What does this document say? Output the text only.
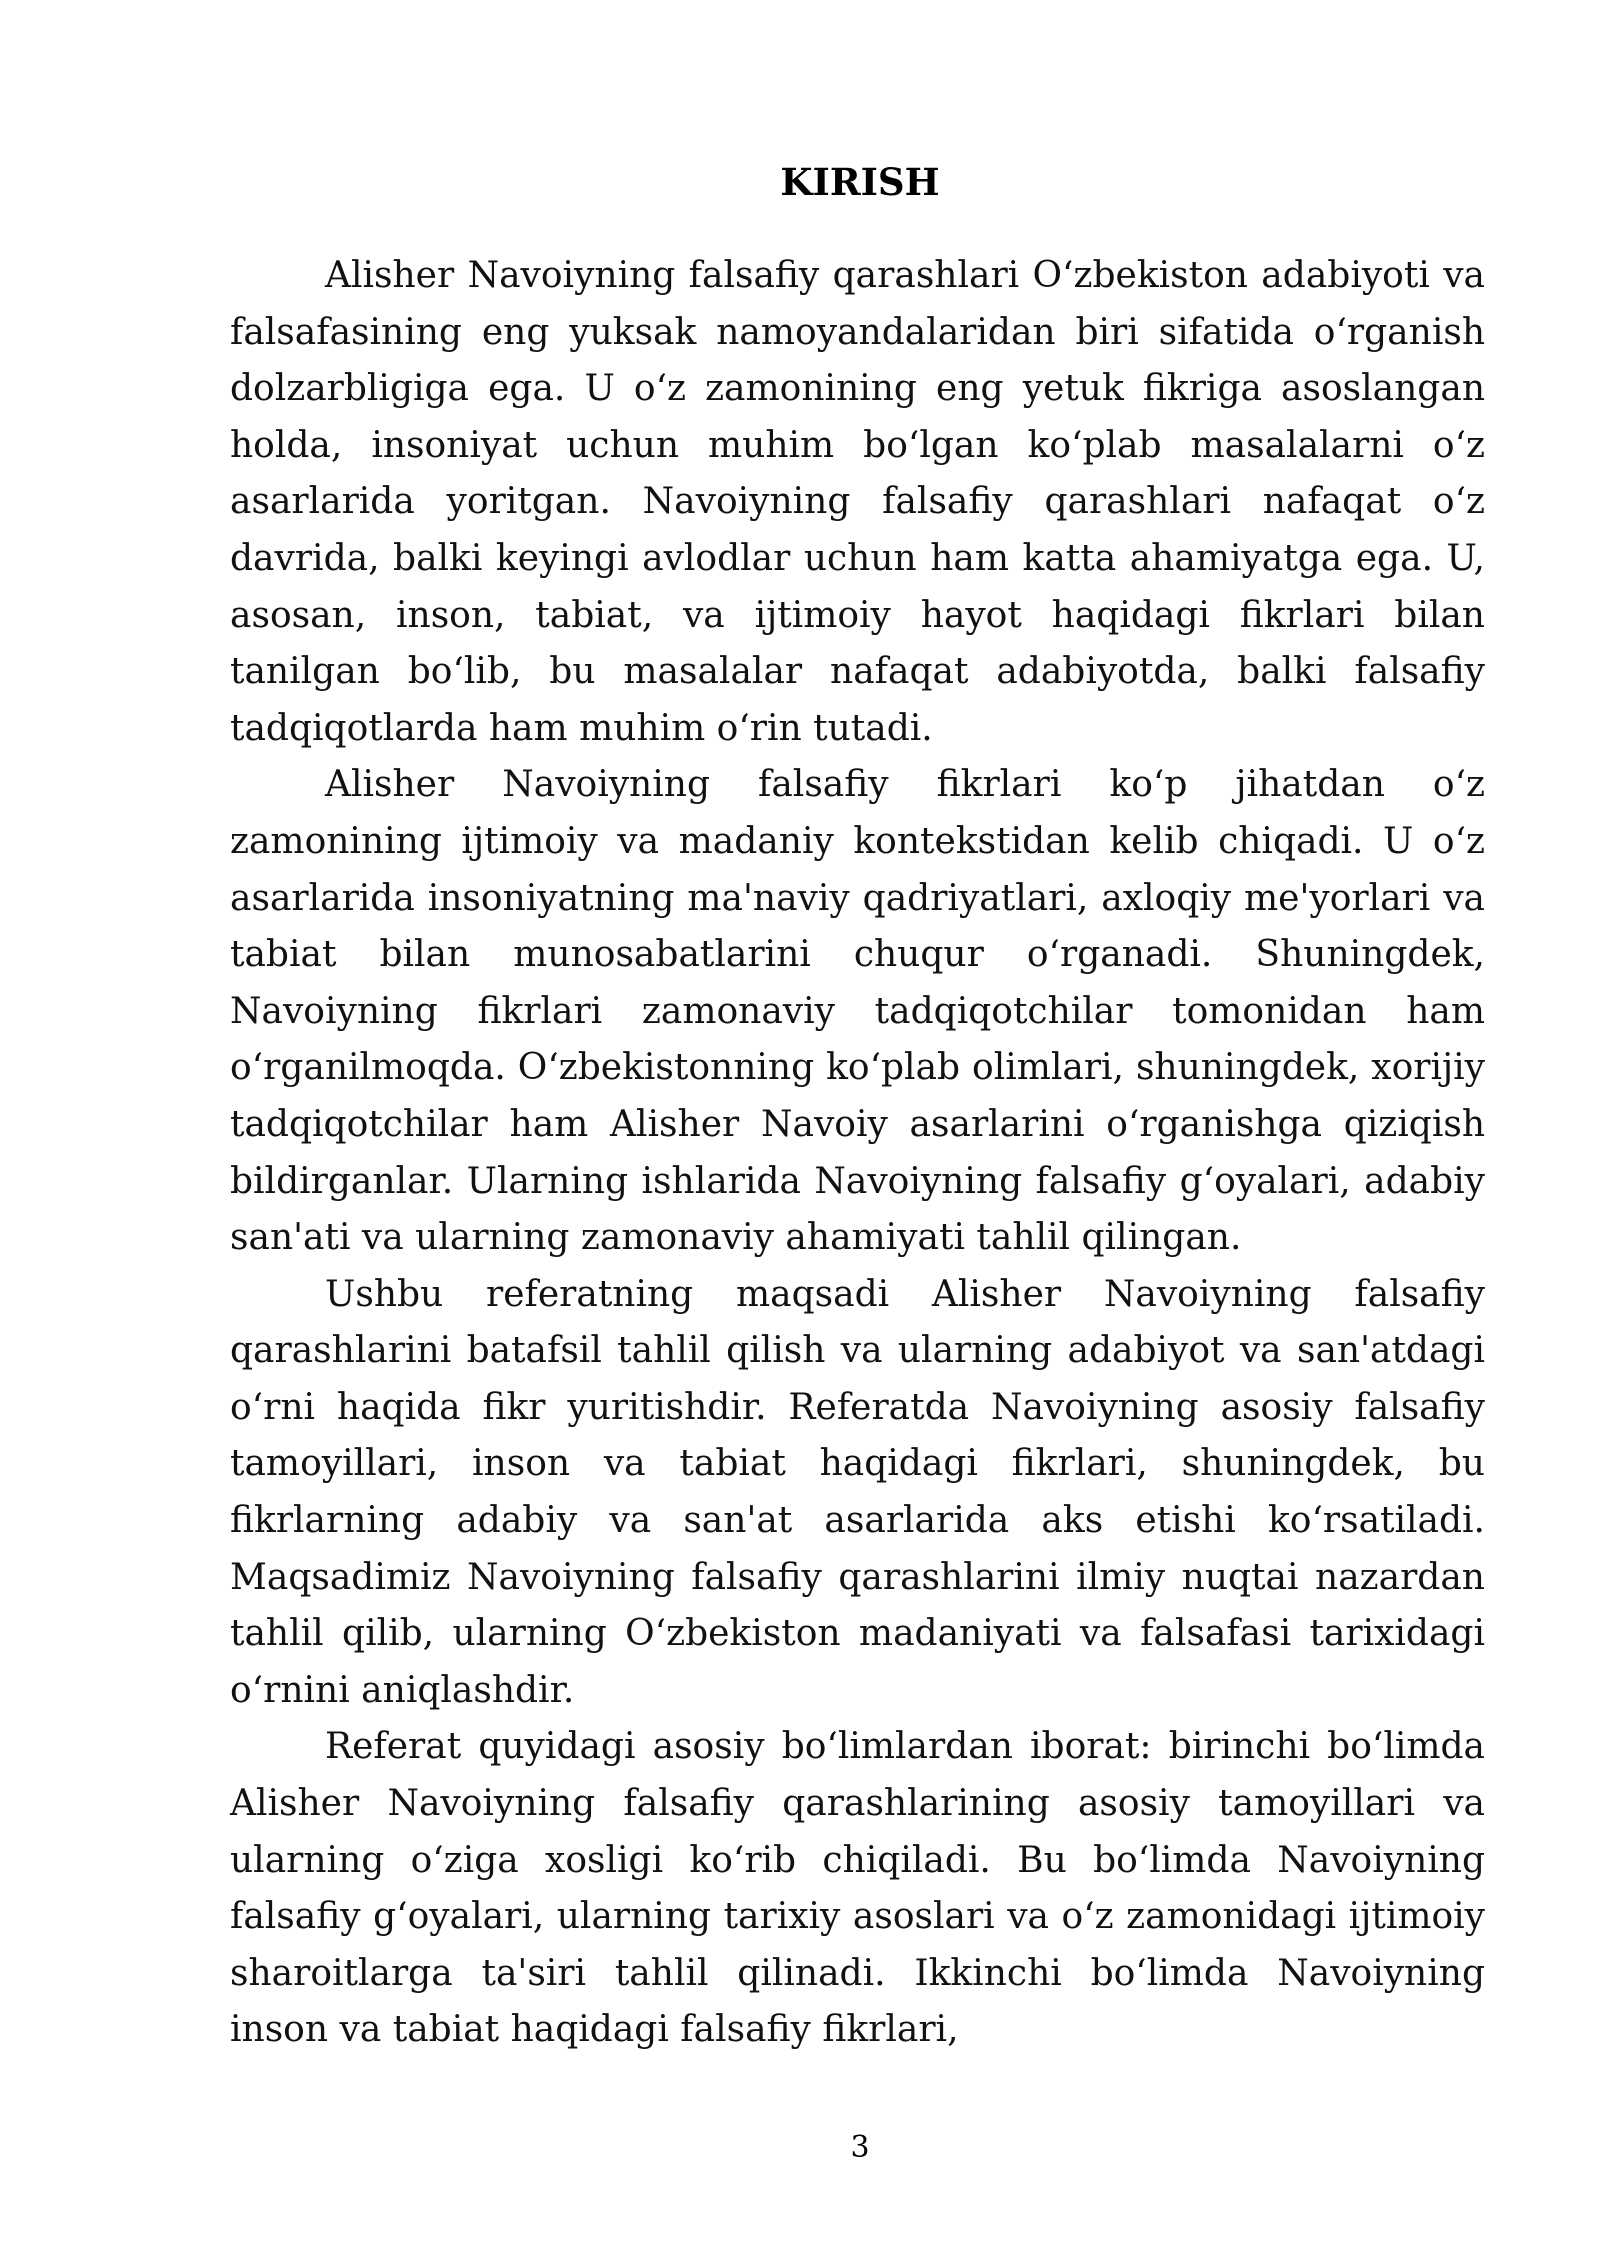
KIRISH

Alisher Navoiyning falsafiy qarashlari O‘zbekiston adabiyoti va falsafasining eng yuksak namoyandalaridan biri sifatida o‘rganish dolzarbligiga ega. U o‘z zamonining eng yetuk fikriga asoslangan holda, insoniyat uchun muhim bo‘lgan ko‘plab masalalarni o‘z asarlarida yoritgan. Navoiyning falsafiy qarashlari nafaqat o‘z davrida, balki keyingi avlodlar uchun ham katta ahamiyatga ega. U, asosan, inson, tabiat, va ijtimoiy hayot haqidagi fikrlari bilan tanilgan bo‘lib, bu masalalar nafaqat adabiyotda, balki falsafiy tadqiqotlarda ham muhim o‘rin tutadi.

Alisher Navoiyning falsafiy fikrlari ko‘p jihatdan o‘z zamonining ijtimoiy va madaniy kontekstidan kelib chiqadi. U o‘z asarlarida insoniyatning ma'naviy qadriyatlari, axloqiy me'yorlari va tabiat bilan munosabatlarini chuqur o‘rganadi. Shuningdek, Navoiyning fikrlari zamonaviy tadqiqotchilar tomonidan ham o‘rganilmoqda. O‘zbekistonning ko‘plab olimlari, shuningdek, xorijiy tadqiqotchilar ham Alisher Navoiy asarlarini o‘rganishga qiziqish bildirganlar. Ularning ishlarida Navoiyning falsafiy g‘oyalari, adabiy san'ati va ularning zamonaviy ahamiyati tahlil qilingan.

Ushbu referatning maqsadi Alisher Navoiyning falsafiy qarashlarini batafsil tahlil qilish va ularning adabiyot va san'atdagi o‘rni haqida fikr yuritishdir. Referatda Navoiyning asosiy falsafiy tamoyillari, inson va tabiat haqidagi fikrlari, shuningdek, bu fikrlarning adabiy va san'at asarlarida aks etishi ko‘rsatiladi. Maqsadimiz Navoiyning falsafiy qarashlarini ilmiy nuqtai nazardan tahlil qilib, ularning O‘zbekiston madaniyati va falsafasi tarixidagi o‘rnini aniqlashdir.

Referat quyidagi asosiy bo‘limlardan iborat: birinchi bo‘limda Alisher Navoiyning falsafiy qarashlarining asosiy tamoyillari va ularning o‘ziga xosligi ko‘rib chiqiladi. Bu bo‘limda Navoiyning falsafiy g‘oyalari, ularning tarixiy asoslari va o‘z zamonidagi ijtimoiy sharoitlarga ta'siri tahlil qilinadi. Ikkinchi bo‘limda Navoiyning inson va tabiat haqidagi falsafiy fikrlari,

3
